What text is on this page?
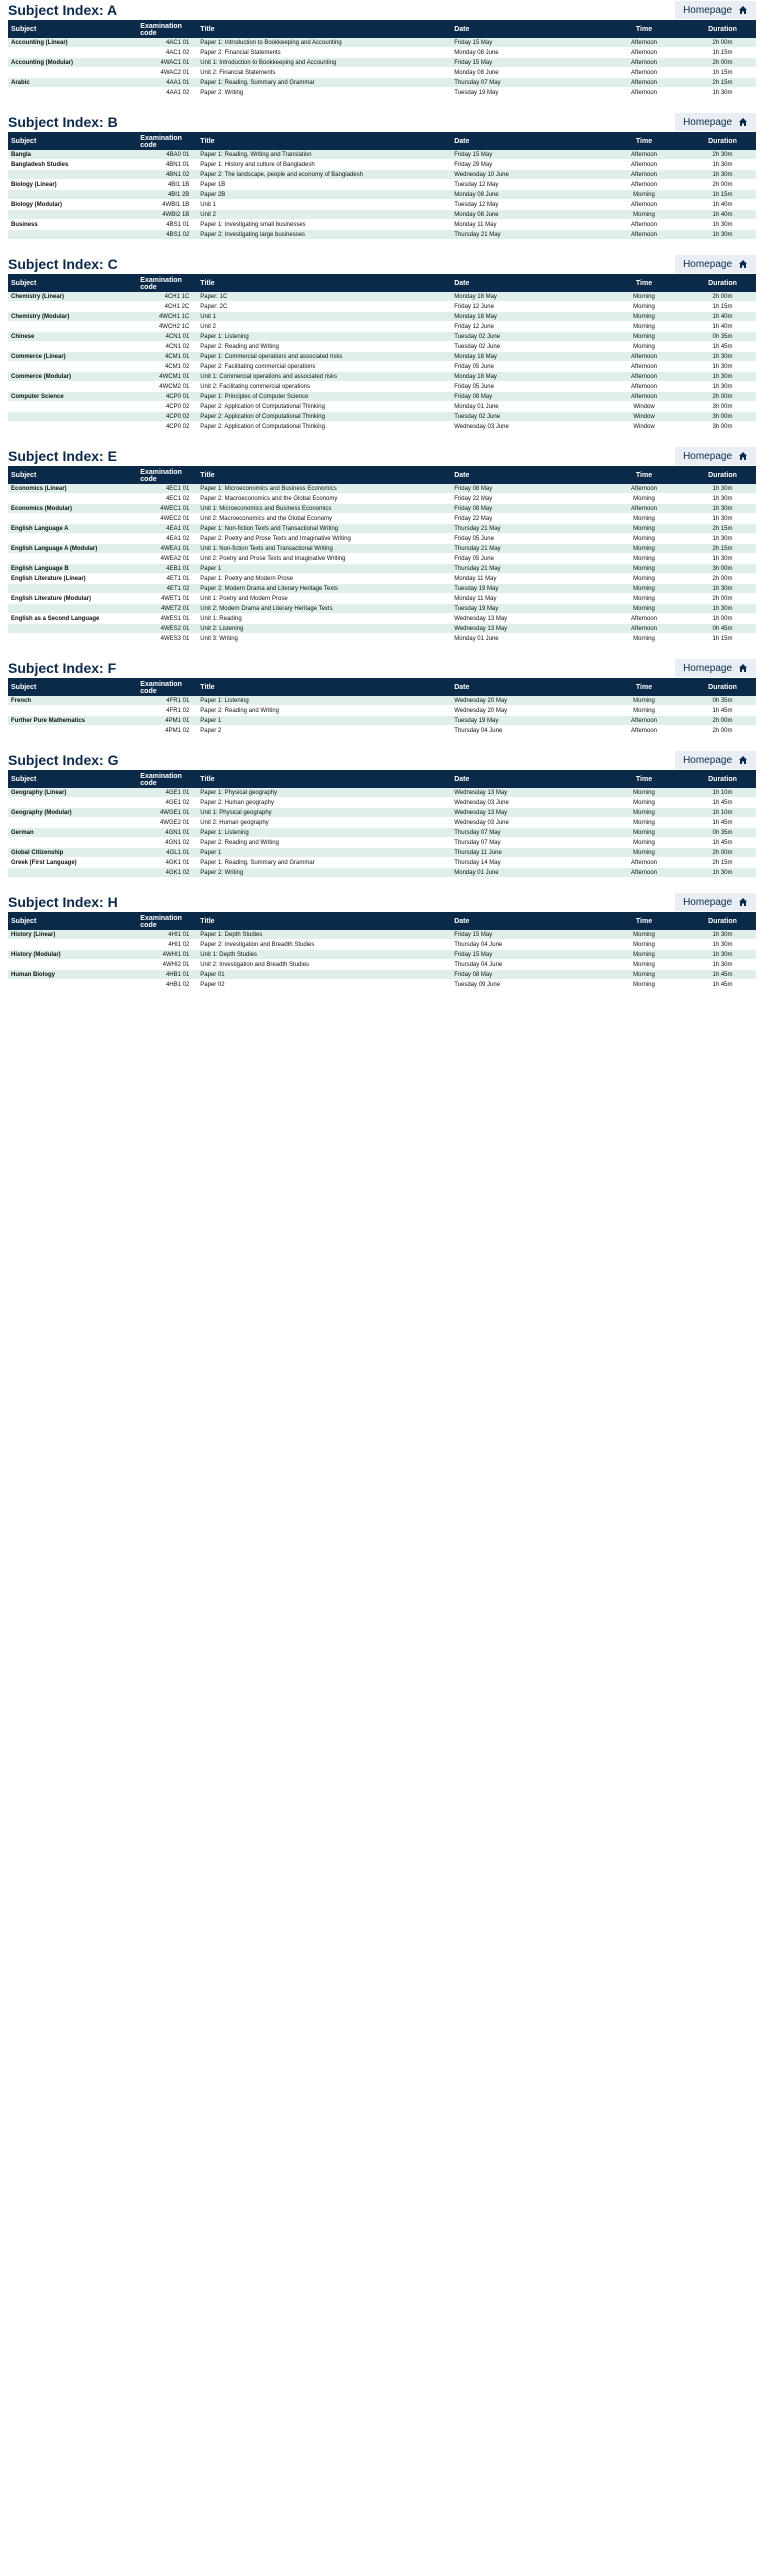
Subject Index: A	Homepage
Subject	Examination code	Title	Date	Time	Duration
Accounting (Linear)	4AC1 01	Paper 1: Introduction to Bookkeeping and Accounting	Friday 15 May	Afternoon	2h 00m
	4AC1 02	Paper 2: Financial Statements	Monday 08 June	Afternoon	1h 15m
Accounting (Modular)	4WAC1 01	Unit 1: Introduction to Bookkeeping and Accounting	Friday 15 May	Afternoon	2h 00m
	4WAC2 01	Unit 2: Financial Statements	Monday 08 June	Afternoon	1h 15m
Arabic	4AA1 01	Paper 1: Reading, Summary and Grammar	Thursday 07 May	Afternoon	2h 15m
	4AA1 02	Paper 2: Writing	Tuesday 19 May	Afternoon	1h 30m
Subject Index: B	Homepage
Subject	Examination code	Title	Date	Time	Duration
Bangla	4BA0 01	Paper 1: Reading, Writing and Translation	Friday 15 May	Afternoon	2h 30m
Bangladesh Studies	4BN1 01	Paper 1: History and culture of Bangladesh	Friday 29 May	Afternoon	1h 30m
	4BN1 02	Paper 2: The landscape, people and economy of Bangladesh	Wednesday 10 June	Afternoon	1h 30m
Biology (Linear)	4BI1 1B	Paper 1B	Tuesday 12 May	Afternoon	2h 00m
	4BI1 2B	Paper 2B	Monday 08 June	Morning	1h 15m
Biology (Modular)	4WBI1 1B	Unit 1	Tuesday 12 May	Afternoon	1h 40m
	4WBI2 1B	Unit 2	Monday 08 June	Morning	1h 40m
Business	4BS1 01	Paper 1: Investigating small businesses	Monday 11 May	Afternoon	1h 30m
	4BS1 02	Paper 2: Investigating large businesses	Thursday 21 May	Afternoon	1h 30m
Subject Index: C	Homepage
Subject	Examination code	Title	Date	Time	Duration
Chemistry (Linear)	4CH1 1C	Paper: 1C	Monday 18 May	Morning	2h 00m
	4CH1 2C	Paper: 2C	Friday 12 June	Morning	1h 15m
Chemistry (Modular)	4WCH1 1C	Unit 1	Monday 18 May	Morning	1h 40m
	4WCH2 1C	Unit 2	Friday 12 June	Morning	1h 40m
Chinese	4CN1 01	Paper 1: Listening	Tuesday 02 June	Morning	0h 35m
	4CN1 02	Paper 2: Reading and Writing	Tuesday 02 June	Morning	1h 45m
Commerce (Linear)	4CM1 01	Paper 1: Commercial operations and associated risks	Monday 18 May	Afternoon	1h 30m
	4CM1 02	Paper 2: Facilitating commercial operations	Friday 05 June	Afternoon	1h 30m
Commerce (Modular)	4WCM1 01	Unit 1: Commercial operations and associated risks	Monday 18 May	Afternoon	1h 30m
	4WCM2 01	Unit 2: Facilitating commercial operations	Friday 05 June	Afternoon	1h 30m
Computer Science	4CP0 01	Paper 1: Principles of Computer Science	Friday 08 May	Afternoon	2h 00m
	4CP0 02	Paper 2: Application of Computational Thinking	Monday 01 June	Window	3h 00m
	4CP0 02	Paper 2: Application of Computational Thinking	Tuesday 02 June	Window	3h 00m
	4CP0 02	Paper 2: Application of Computational Thinking	Wednesday 03 June	Window	3h 00m
Subject Index: E	Homepage
Subject	Examination code	Title	Date	Time	Duration
Economics (Linear)	4EC1 01	Paper 1: Microeconomics and Business Economics	Friday 08 May	Afternoon	1h 30m
	4EC1 02	Paper 2: Macroeconomics and the Global Economy	Friday 22 May	Morning	1h 30m
Economics (Modular)	4WEC1 01	Unit 1: Microeconomics and Business Economics	Friday 08 May	Afternoon	1h 30m
	4WEC2 01	Unit 2: Macroeconomics and the Global Economy	Friday 22 May	Morning	1h 30m
English Language A	4EA1 01	Paper 1: Non-fiction Texts and Transactional Writing	Thursday 21 May	Morning	2h 15m
	4EA1 02	Paper 2: Poetry and Prose Texts and Imaginative Writing	Friday 05 June	Morning	1h 30m
English Language A (Modular)	4WEA1 01	Unit 1: Non-fiction Texts and Transactional Writing	Thursday 21 May	Morning	2h 15m
	4WEA2 01	Unit 2: Poetry and Prose Texts and Imaginative Writing	Friday 05 June	Morning	1h 30m
English Language B	4EB1 01	Paper 1	Thursday 21 May	Morning	3h 00m
English Literature (Linear)	4ET1 01	Paper 1: Poetry and Modern Prose	Monday 11 May	Morning	2h 00m
	4ET1 02	Paper 2: Modern Drama and Literary Heritage Texts	Tuesday 19 May	Morning	1h 30m
English Literature (Modular)	4WET1 01	Unit 1: Poetry and Modern Prose	Monday 11 May	Morning	2h 00m
	4WET2 01	Unit 2: Modern Drama and Literary Heritage Texts	Tuesday 19 May	Morning	1h 30m
English as a Second Language	4WES1 01	Unit 1: Reading	Wednesday 13 May	Afternoon	1h 00m
	4WES2 01	Unit 2: Listening	Wednesday 13 May	Afternoon	0h 45m
	4WES3 01	Unit 3: Writing	Monday 01 June	Morning	1h 15m
Subject Index: F	Homepage
Subject	Examination code	Title	Date	Time	Duration
French	4FR1 01	Paper 1: Listening	Wednesday 20 May	Morning	0h 35m
	4FR1 02	Paper 2: Reading and Writing	Wednesday 20 May	Morning	1h 45m
Further Pure Mathematics	4PM1 01	Paper 1	Tuesday 19 May	Afternoon	2h 00m
	4PM1 02	Paper 2	Thursday 04 June	Afternoon	2h 00m
Subject Index: G	Homepage
Subject	Examination code	Title	Date	Time	Duration
Geography (Linear)	4GE1 01	Paper 1: Physical geography	Wednesday 13 May	Morning	1h 10m
	4GE1 02	Paper 2: Human geography	Wednesday 03 June	Morning	1h 45m
Geography (Modular)	4WGE1 01	Unit 1: Physical geography	Wednesday 13 May	Morning	1h 10m
	4WGE2 01	Unit 2: Human geography	Wednesday 03 June	Morning	1h 45m
German	4GN1 01	Paper 1: Listening	Thursday 07 May	Morning	0h 35m
	4GN1 02	Paper 2: Reading and Writing	Thursday 07 May	Morning	1h 45m
Global Citizenship	4GL1 01	Paper 1	Thursday 11 June	Morning	2h 00m
Greek (First Language)	4GK1 01	Paper 1: Reading, Summary and Grammar	Thursday 14 May	Afternoon	2h 15m
	4GK1 02	Paper 2: Writing	Monday 01 June	Afternoon	1h 30m
Subject Index: H	Homepage
Subject	Examination code	Title	Date	Time	Duration
History (Linear)	4HI1 01	Paper 1: Depth Studies	Friday 15 May	Morning	1h 30m
	4HI1 02	Paper 2: Investigation and Breadth Studies	Thursday 04 June	Morning	1h 30m
History (Modular)	4WHI1 01	Unit 1: Depth Studies	Friday 15 May	Morning	1h 30m
	4WHI2 01	Unit 2: Investigation and Breadth Studies	Thursday 04 June	Morning	1h 30m
Human Biology	4HB1 01	Paper 01	Friday 08 May	Morning	1h 45m
	4HB1 02	Paper 02	Tuesday 09 June	Morning	1h 45m
